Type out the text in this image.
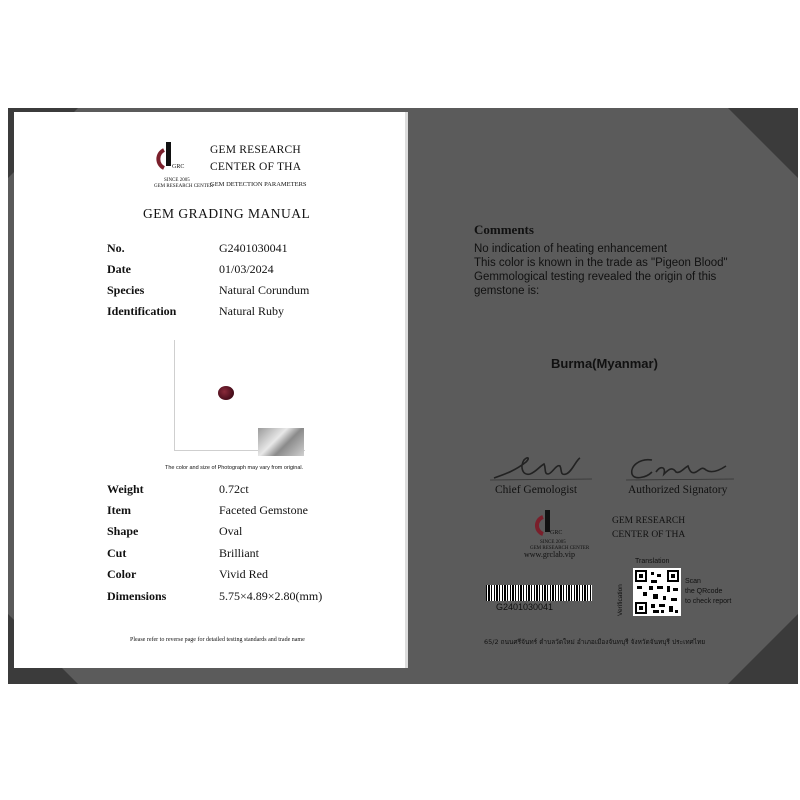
GRC
SINCE 2005
GEM RESEARCH CENTER
GEM RESEARCH
CENTER OF THA
GEM DETECTION PARAMETERS
GEM GRADING MANUAL
No.	G2401030041
Date	01/03/2024
Species	Natural Corundum
Identification	Natural Ruby
The color and size of Photograph may vary from original.
Weight	0.72ct
Item	Faceted Gemstone
Shape	Oval
Cut	Brilliant
Color	Vivid Red
Dimensions	5.75×4.89×2.80(mm)
Please refer to reverse page for detailed testing standards and trade name
Comments
No indication of heating enhancement
This color is known in the trade as "Pigeon Blood"
Gemmological testing revealed the origin of this
gemstone is:
Burma(Myanmar)
Chief Gemologist	Authorized Signatory
GRC
SINCE 2005
GEM RESEARCH CENTER
www.grclab.vip
GEM RESEARCH
CENTER OF THA
G2401030041
Translation
Verification
Scan
the QRcode
to check report
65/2 ถนนศรีจันทร์ ตำบลวัดใหม่ อำเภอเมืองจันทบุรี จังหวัดจันทบุรี ประเทศไทย
